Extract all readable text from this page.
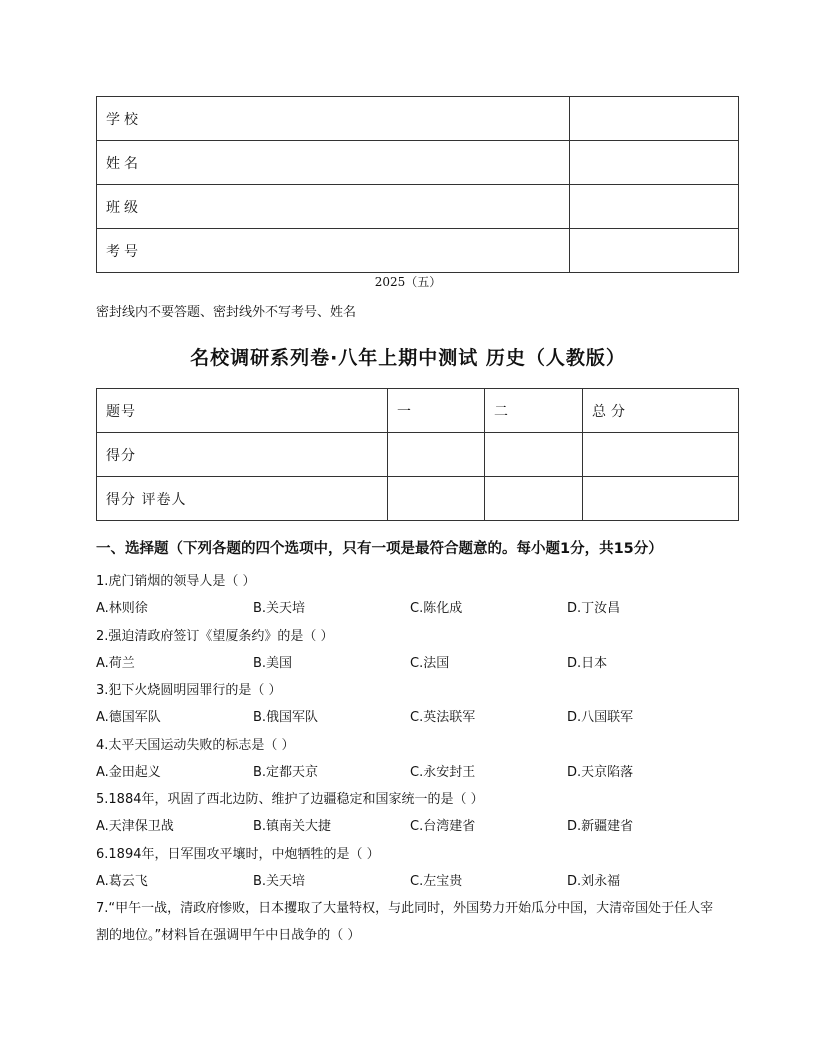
学校	
姓名	
班级	
考号	
2025（五）
密封线内不要答题、密封线外不写考号、姓名
名校调研系列卷·八年上期中测试 历史（人教版）
题号	一	二	总分
得分			
得分 评卷人			
一、选择题（下列各题的四个选项中，只有一项是最符合题意的。每小题1分，共15分）
1.虎门销烟的领导人是（ ）
A.林则徐	B.关天培	C.陈化成	D.丁汝昌
2.强迫清政府签订《望厦条约》的是（ ）
A.荷兰	B.美国	C.法国	D.日本
3.犯下火烧圆明园罪行的是（ ）
A.德国军队	B.俄国军队	C.英法联军	D.八国联军
4.太平天国运动失败的标志是（ ）
A.金田起义	B.定都天京	C.永安封王	D.天京陷落
5.1884年，巩固了西北边防、维护了边疆稳定和国家统一的是（ ）
A.天津保卫战	B.镇南关大捷	C.台湾建省	D.新疆建省
6.1894年，日军围攻平壤时，中炮牺牲的是（ ）
A.葛云飞	B.关天培	C.左宝贵	D.刘永福
7.“甲午一战，清政府惨败，日本攫取了大量特权，与此同时，外国势力开始瓜分中国，大清帝国处于任人宰割的地位。”材料旨在强调甲午中日战争的（ ）
